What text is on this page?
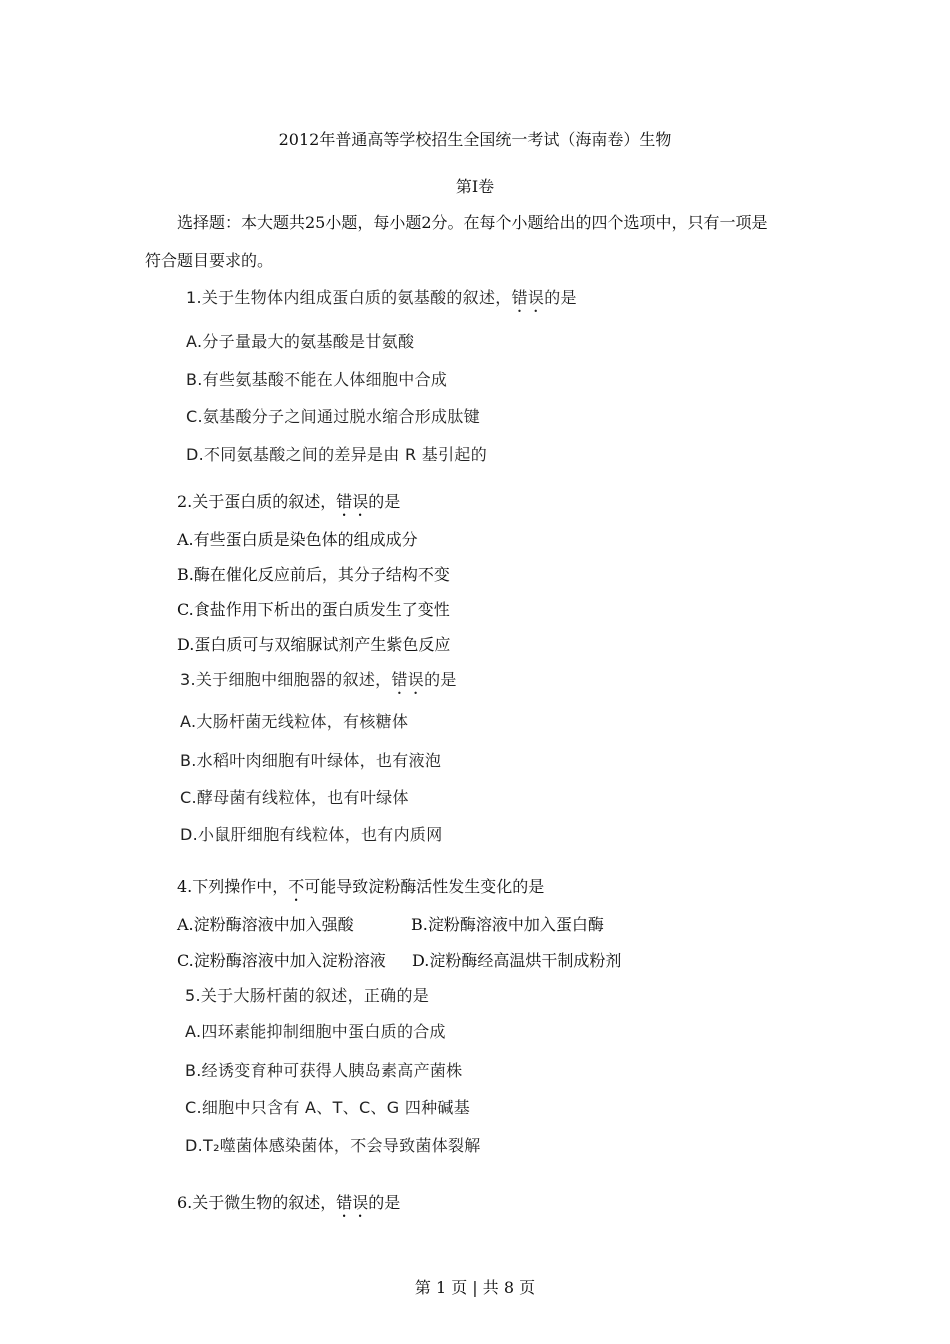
2012年普通高等学校招生全国统一考试（海南卷）生物
第I卷
选择题：本大题共25小题，每小题2分。在每个小题给出的四个选项中，只有一项是
符合题目要求的。
第 1 页 | 共 8 页
1.关于生物体内组成蛋白质的氨基酸的叙述，错误的是
A.分子量最大的氨基酸是甘氨酸
B.有些氨基酸不能在人体细胞中合成
C.氨基酸分子之间通过脱水缩合形成肽键
D.不同氨基酸之间的差异是由 R 基引起的
2.关于蛋白质的叙述，错误的是
A.有些蛋白质是染色体的组成成分
B.酶在催化反应前后，其分子结构不变
C.食盐作用下析出的蛋白质发生了变性
D.蛋白质可与双缩脲试剂产生紫色反应
3.关于细胞中细胞器的叙述，错误的是
A.大肠杆菌无线粒体，有核糖体
B.水稻叶肉细胞有叶绿体，也有液泡
C.酵母菌有线粒体，也有叶绿体
D.小鼠肝细胞有线粒体，也有内质网
4.下列操作中，不可能导致淀粉酶活性发生变化的是
A.淀粉酶溶液中加入强酸	B.淀粉酶溶液中加入蛋白酶
C.淀粉酶溶液中加入淀粉溶液 D.淀粉酶经高温烘干制成粉剂
5.关于大肠杆菌的叙述，正确的是
A.四环素能抑制细胞中蛋白质的合成
B.经诱变育种可获得人胰岛素高产菌株
C.细胞中只含有 A、T、C、G 四种碱基
D.T₂噬菌体感染菌体，不会导致菌体裂解
6.关于微生物的叙述，错误的是
